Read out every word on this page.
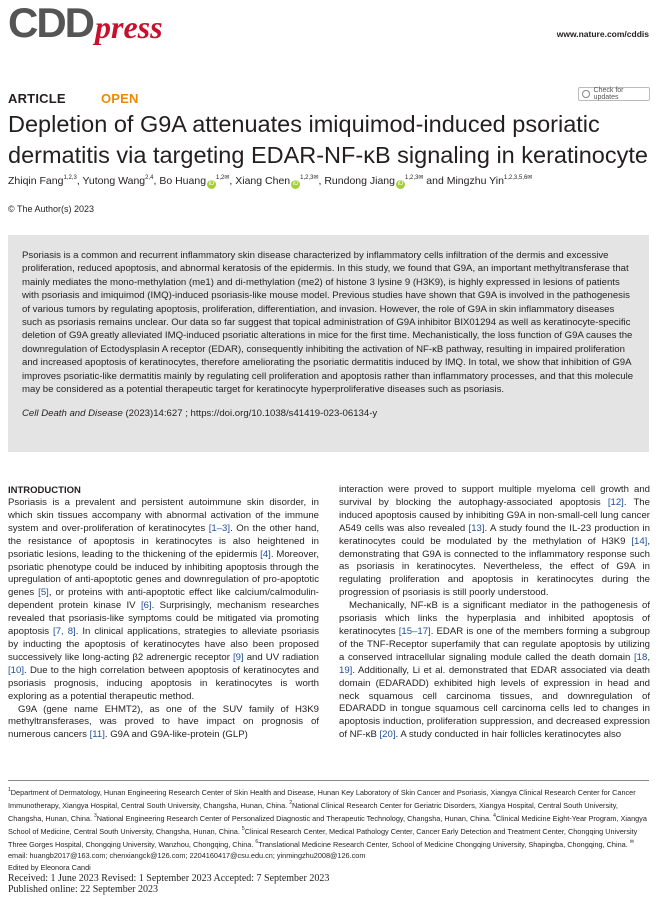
CDD press	www.nature.com/cddis
ARTICLE	OPEN
Check for updates
Depletion of G9A attenuates imiquimod-induced psoriatic dermatitis via targeting EDAR-NF-κB signaling in keratinocyte
Zhiqin Fang$^{1,2,3}$, Yutong Wang$^{2,4}$, Bo Huang $iD^{1,2✉}$, Xiang Chen $iD^{1,2,3✉}$, Rundong Jiang $iD^{1,2,3✉}$ and Mingzhu Yin$^{1,2,3,5,6✉}$
© The Author(s) 2023

Psoriasis is a common and recurrent inflammatory skin disease characterized by inflammatory cells infiltration of the dermis and excessive proliferation, reduced apoptosis, and abnormal keratosis of the epidermis. In this study, we found that G9A, an important methyltransferase that mainly mediates the mono-methylation (me1) and di-methylation (me2) of histone 3 lysine 9 (H3K9), is highly expressed in lesions of patients with psoriasis and imiquimod (IMQ)-induced psoriasis-like mouse model. Previous studies have shown that G9A is involved in the pathogenesis of various tumors by regulating apoptosis, proliferation, differentiation, and invasion. However, the role of G9A in skin inflammatory diseases such as psoriasis remains unclear. Our data so far suggest that topical administration of G9A inhibitor BIX01294 as well as keratinocyte-specific deletion of G9A greatly alleviated IMQ-induced psoriatic alterations in mice for the first time. Mechanistically, the loss function of G9A causes the downregulation of Ectodysplasin A receptor (EDAR), consequently inhibiting the activation of NF-κB pathway, resulting in impaired proliferation and increased apoptosis of keratinocytes, therefore ameliorating the psoriatic dermatitis induced by IMQ. In total, we show that inhibition of G9A improves psoriatic-like dermatitis mainly by regulating cell proliferation and apoptosis rather than inflammatory processes, and that this molecule may be considered as a potential therapeutic target for keratinocyte hyperproliferative diseases such as psoriasis.

Cell Death and Disease (2023)14:627 ; https://doi.org/10.1038/s41419-023-06134-y
INTRODUCTION

Psoriasis is a prevalent and persistent autoimmune skin disorder, in which skin tissues accompany with abnormal activation of the immune system and over-proliferation of keratinocytes [1–3]. On the other hand, the resistance of apoptosis in keratinocytes is also heightened in psoriatic lesions, leading to the thickening of the epidermis [4]. Moreover, psoriatic phenotype could be induced by inhibiting apoptosis through the upregulation of anti-apoptotic genes and downregulation of pro-apoptotic genes [5], or proteins with anti-apoptotic effect like calcium/calmodulin-dependent protein kinase IV [6]. Surprisingly, mechanism researches revealed that psoriasis-like symptoms could be mitigated via promoting apoptosis [7, 8]. In clinical applications, strategies to alleviate psoriasis by inducting the apoptosis of keratinocytes have also been proposed successively like long-acting β2 adrenergic receptor [9] and UV radiation [10]. Due to the high correlation between apoptosis of keratinocytes and psoriasis prognosis, inducing apoptosis in keratinocytes is worth exploring as a potential therapeutic method.

G9A (gene name EHMT2), as one of the SUV family of H3K9 methyltransferases, was proved to have impact on prognosis of numerous cancers [11]. G9A and G9A-like-protein (GLP)

interaction were proved to support multiple myeloma cell growth and survival by blocking the autophagy-associated apoptosis [12]. The induced apoptosis caused by inhibiting G9A in non-small-cell lung cancer A549 cells was also revealed [13]. A study found the IL-23 production in keratinocytes could be modulated by the methylation of H3K9 [14], demonstrating that G9A is connected to the inflammatory response such as psoriasis in keratinocytes. Nevertheless, the effect of G9A in regulating proliferation and apoptosis in keratinocytes during the progression of psoriasis is still poorly understood.

Mechanically, NF-κB is a significant mediator in the pathogenesis of psoriasis which links the hyperplasia and inhibited apoptosis of keratinocytes [15–17]. EDAR is one of the members forming a subgroup of the TNF-Receptor superfamily that can regulate apoptosis by utilizing a conserved intracellular signaling module called the death domain [18, 19]. Additionally, Li et al. demonstrated that EDAR associated via death domain (EDARADD) exhibited high levels of expression in head and neck squamous cell carcinoma tissues, and downregulation of EDARADD in tongue squamous cell carcinoma cells led to changes in apoptosis induction, proliferation suppression, and decreased expression of NF-κB [20]. A study conducted in hair follicles keratinocytes also

$^1$Department of Dermatology, Hunan Engineering Research Center of Skin Health and Disease, Hunan Key Laboratory of Skin Cancer and Psoriasis, Xiangya Clinical Research Center for Cancer Immunotherapy, Xiangya Hospital, Central South University, Changsha, Hunan, China. $^2$National Clinical Research Center for Geriatric Disorders, Xiangya Hospital, Central South University, Changsha, Hunan, China. $^3$National Engineering Research Center of Personalized Diagnostic and Therapeutic Technology, Changsha, Hunan, China. $^4$Clinical Medicine Eight-Year Program, Xiangya School of Medicine, Central South University, Changsha, Hunan, China. $^5$Clinical Research Center, Medical Pathology Center, Cancer Early Detection and Treatment Center, Chongqing University Three Gorges Hospital, Chongqing University, Wanzhou, Chongqing, China. $^6$Translational Medicine Research Center, School of Medicine Chongqing University, Shapingba, Chongqing, China. ✉email: huangb2017@163.com; chenxiangck@126.com; 2204160417@csu.edu.cn; yinmingzhu2008@126.com
Edited by Eleonora Candi
Received: 1 June 2023 Revised: 1 September 2023 Accepted: 7 September 2023
Published online: 22 September 2023
